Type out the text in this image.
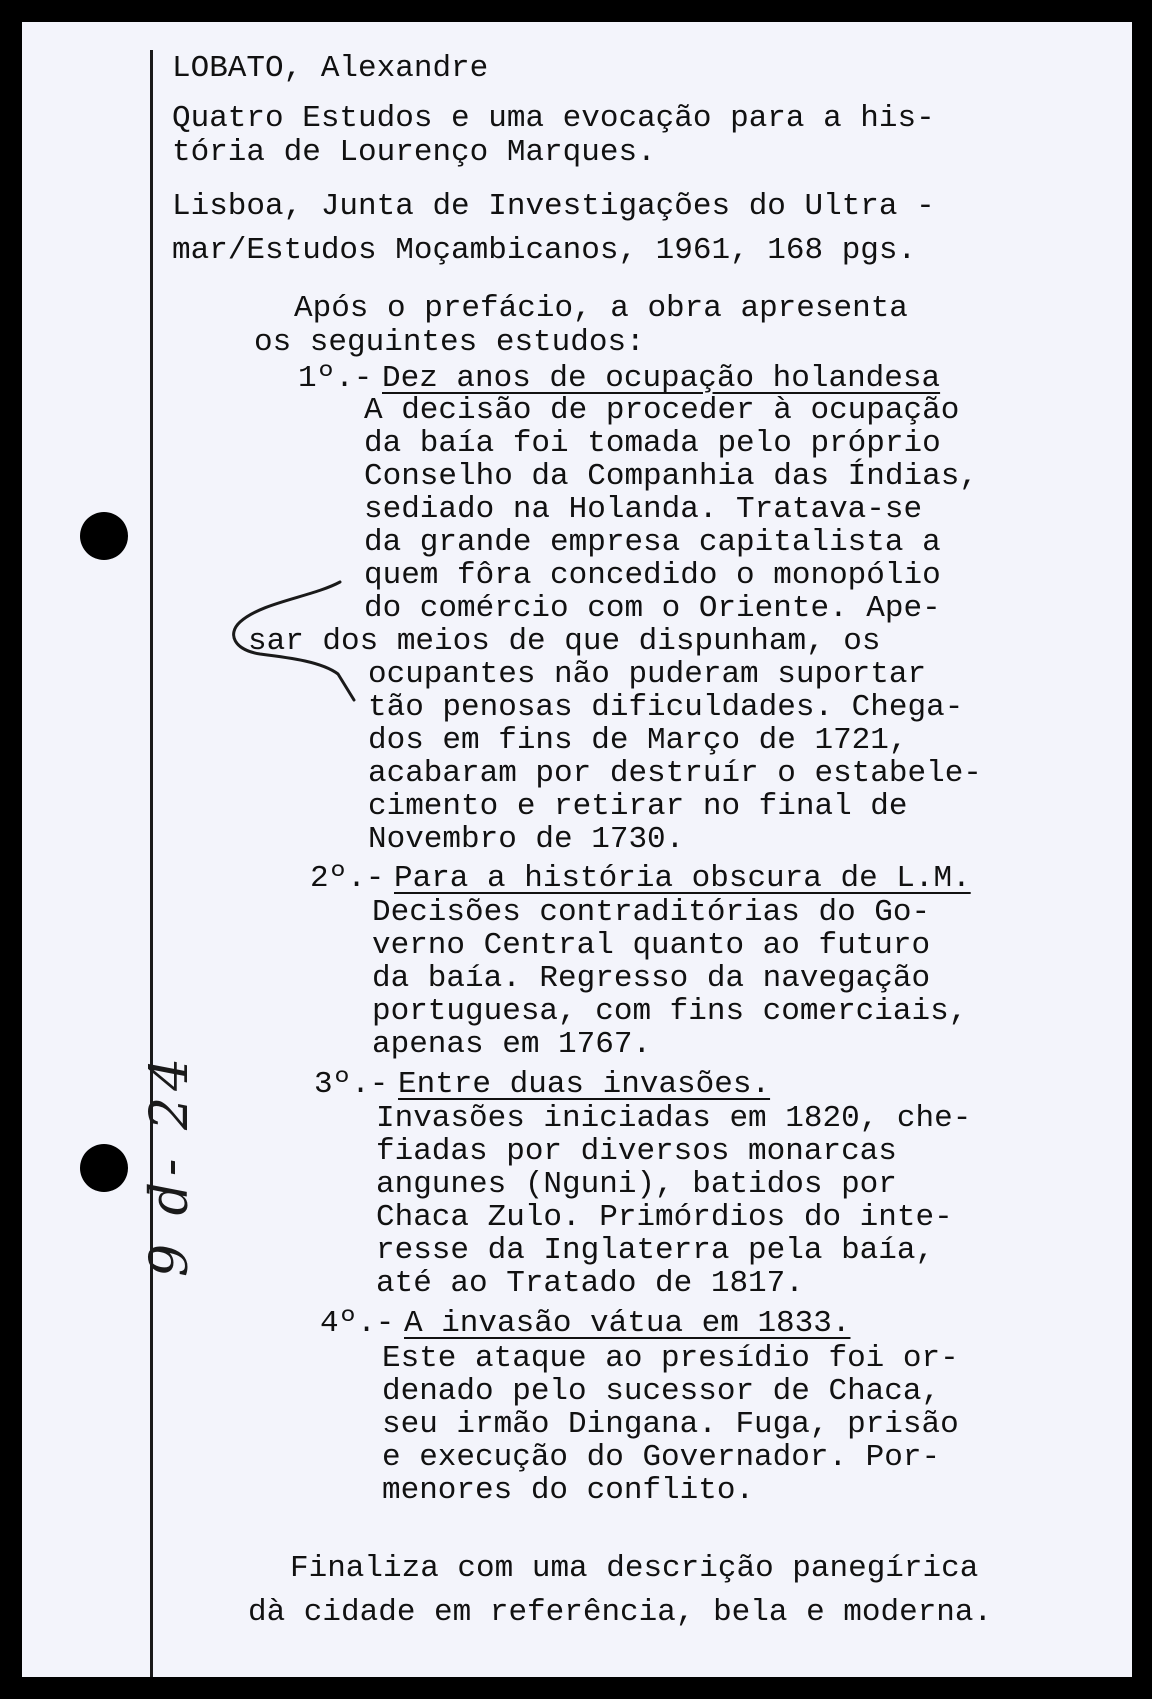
LOBATO, Alexandre
Quatro Estudos e uma evocação para a his-
tória de Lourenço Marques.
Lisboa, Junta de Investigações do Ultra -
mar/Estudos Moçambicanos, 1961, 168 pgs.
Após o prefácio, a obra apresenta
os seguintes estudos:
1º.- Dez anos de ocupação holandesa
A decisão de proceder à ocupação
da baía foi tomada pelo próprio
Conselho da Companhia das Índias,
sediado na Holanda. Tratava-se
da grande empresa capitalista a
quem fôra concedido o monopólio
do comércio com o Oriente. Ape-
sar dos meios de que dispunham, os
ocupantes não puderam suportar
tão penosas dificuldades. Chega-
dos em fins de Março de 1721,
acabaram por destruír o estabele-
cimento e retirar no final de
Novembro de 1730.
2º.- Para a história obscura de L.M.
Decisões contraditórias do Go-
verno Central quanto ao futuro
da baía. Regresso da navegação
portuguesa, com fins comerciais,
apenas em 1767.
3º.- Entre duas invasões.
Invasões iniciadas em 1820, che-
fiadas por diversos monarcas
angunes (Nguni), batidos por
Chaca Zulo. Primórdios do inte-
resse da Inglaterra pela baía,
até ao Tratado de 1817.
4º.- A invasão vátua em 1833.
Este ataque ao presídio foi or-
denado pelo sucessor de Chaca,
seu irmão Dingana. Fuga, prisão
e execução do Governador. Por-
menores do conflito.
Finaliza com uma descrição panegírica
dà cidade em referência, bela e moderna.
9 d- 24
